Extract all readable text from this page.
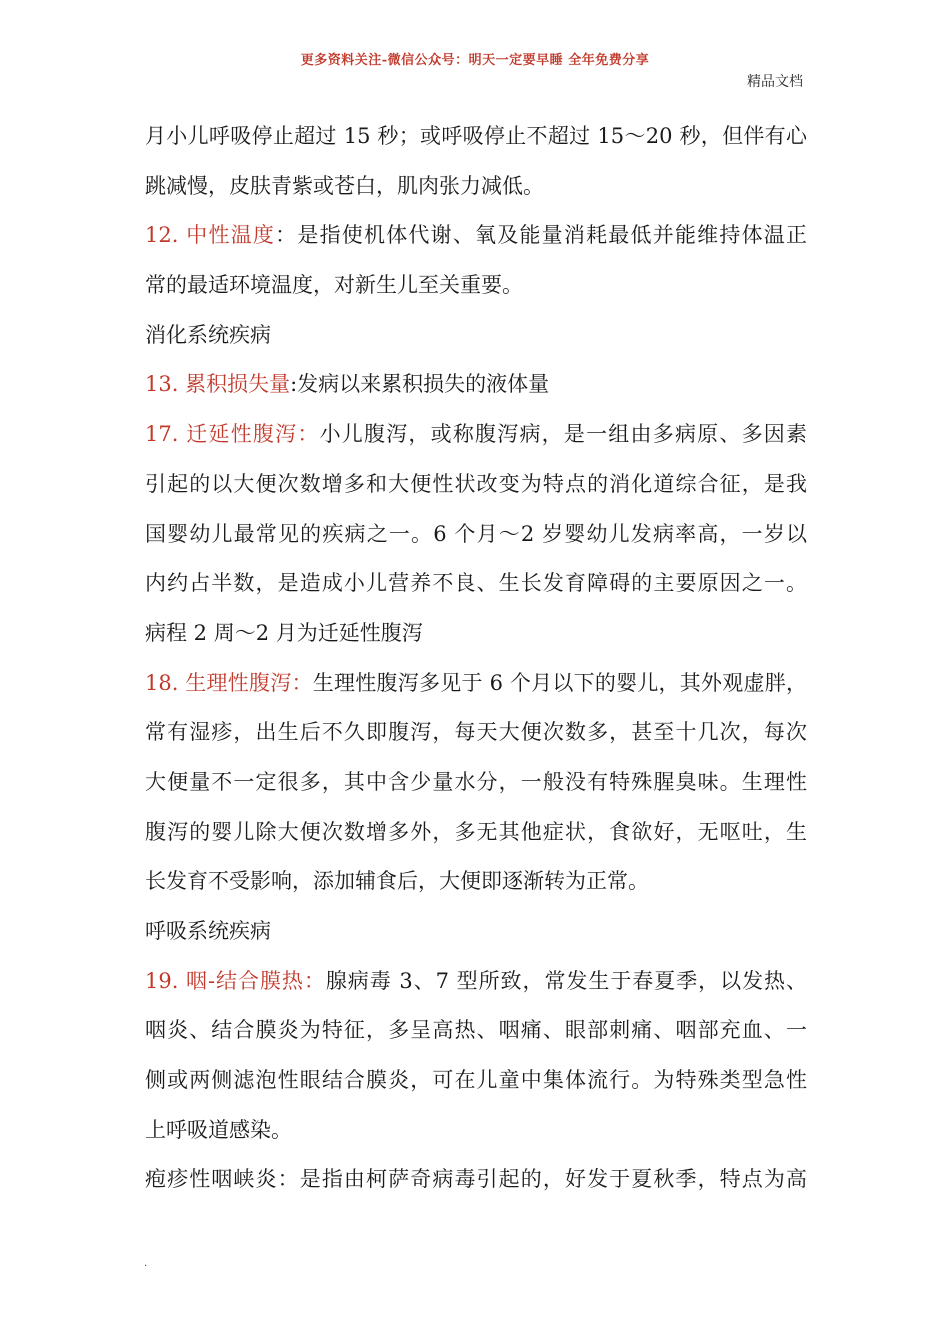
更多资料关注-微信公众号：明天一定要早睡 全年免费分享
精品文档
月小儿呼吸停止超过 15 秒；或呼吸停止不超过 15～20 秒，但伴有心
跳减慢，皮肤青紫或苍白，肌肉张力减低。
12. 中性温度：是指使机体代谢、氧及能量消耗最低并能维持体温正
常的最适环境温度，对新生儿至关重要。
消化系统疾病
13. 累积损失量:发病以来累积损失的液体量
17. 迁延性腹泻：小儿腹泻，或称腹泻病，是一组由多病原、多因素
引起的以大便次数增多和大便性状改变为特点的消化道综合征，是我
国婴幼儿最常见的疾病之一。6 个月～2 岁婴幼儿发病率高，一岁以
内约占半数，是造成小儿营养不良、生长发育障碍的主要原因之一。
病程 2 周～2 月为迁延性腹泻
18. 生理性腹泻：生理性腹泻多见于 6 个月以下的婴儿，其外观虚胖，
常有湿疹，出生后不久即腹泻，每天大便次数多，甚至十几次，每次
大便量不一定很多，其中含少量水分，一般没有特殊腥臭味。生理性
腹泻的婴儿除大便次数增多外，多无其他症状，食欲好，无呕吐，生
长发育不受影响，添加辅食后，大便即逐渐转为正常。
呼吸系统疾病
19. 咽-结合膜热：腺病毒 3、7 型所致，常发生于春夏季，以发热、
咽炎、结合膜炎为特征，多呈高热、咽痛、眼部刺痛、咽部充血、一
侧或两侧滤泡性眼结合膜炎，可在儿童中集体流行。为特殊类型急性
上呼吸道感染。
疱疹性咽峡炎：是指由柯萨奇病毒引起的，好发于夏秋季，特点为高
.
